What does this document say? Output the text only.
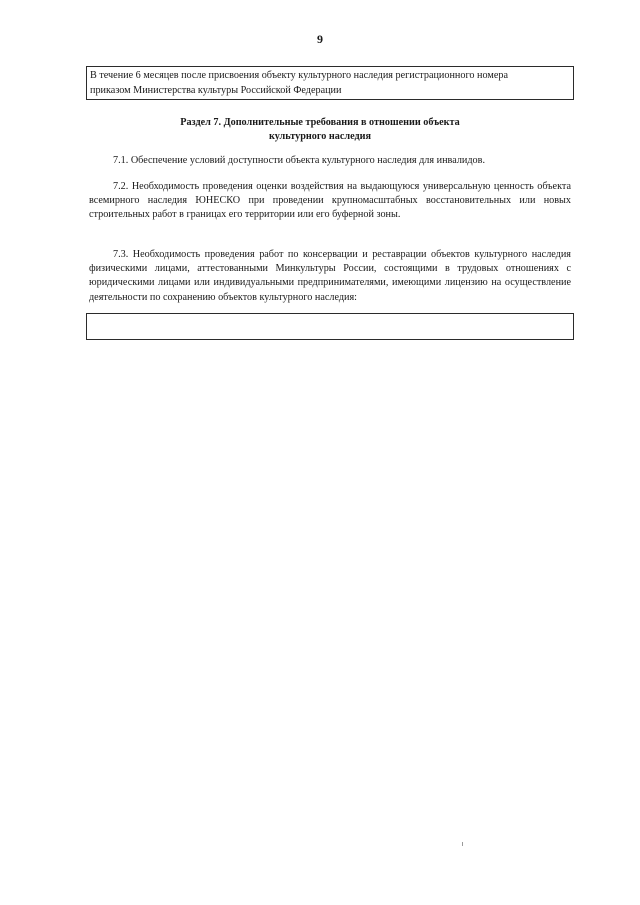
9
В течение 6 месяцев после присвоения объекту культурного наследия регистрационного номера
приказом Министерства культуры Российской Федерации
Раздел 7. Дополнительные требования в отношении объекта
культурного наследия

7.1. Обеспечение условий доступности объекта культурного наследия для инвалидов.

7.2. Необходимость проведения оценки воздействия на выдающуюся универсальную ценность объекта всемирного наследия ЮНЕСКО при проведении крупномасштабных восстановительных или новых строительных работ в границах его территории или его буферной зоны.

7.3. Необходимость проведения работ по консервации и реставрации объектов культурного наследия физическими лицами, аттестованными Минкультуры России, состоящими в трудовых отношениях с юридическими лицами или индивидуальными предпринимателями, имеющими лицензию на осуществление деятельности по сохранению объектов культурного наследия:
